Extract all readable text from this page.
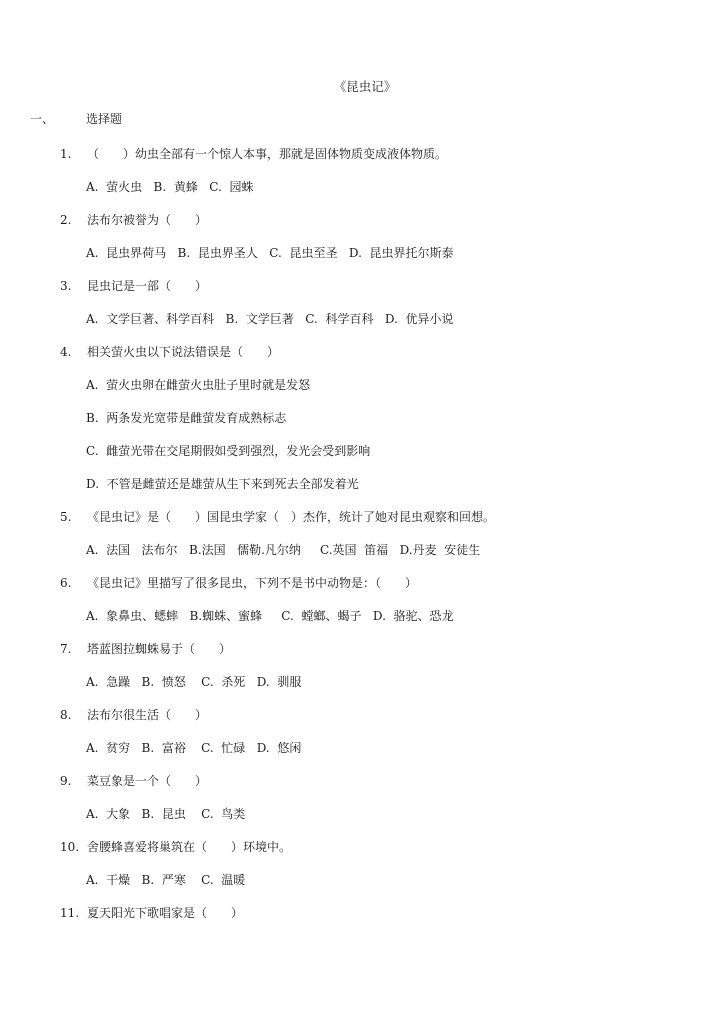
《昆虫记》
一、	选择题
1. （　　）幼虫全部有一个惊人本事，那就是固体物质变成液体物质。
A.  萤火虫   B.  黄蜂   C.  园蛛
2. 法布尔被誉为（　　）
A.  昆虫界荷马   B.  昆虫界圣人   C.  昆虫至圣   D.  昆虫界托尔斯泰
3. 昆虫记是一部（　　）
A.  文学巨著、科学百科   B.  文学巨著   C.  科学百科   D.  优异小说
4. 相关萤火虫以下说法错误是（　　）
A.  萤火虫卵在雌萤火虫肚子里时就是发怒
B.  两条发光宽带是雌萤发育成熟标志
C.  雌萤光带在交尾期假如受到强烈，发光会受到影响
D.  不管是雌萤还是雄萤从生下来到死去全部发着光
5. 《昆虫记》是（　　）国昆虫学家（　）杰作，统计了她对昆虫观察和回想。
A.  法国   法布尔   B.法国   儒勒.凡尔纳     C.英国  笛福   D.丹麦  安徒生
6. 《昆虫记》里描写了很多昆虫，下列不是书中动物是：（　　）
A.  象鼻虫、蟋蟀   B.蜘蛛、蜜蜂     C.  螳螂、蝎子   D.  骆驼、恐龙
7. 塔蓝图拉蜘蛛易于（　　）
A.  急躁   B.  愤怒    C.  杀死   D.  驯服
8. 法布尔很生活（　　）
A.  贫穷   B.  富裕    C.  忙碌   D.  悠闲
9. 菜豆象是一个（　　）
A.  大象   B.  昆虫    C.  鸟类
10. 舍腰蜂喜爱将巢筑在（　　）环境中。
A.  干燥   B.  严寒    C.  温暖
11. 夏天阳光下歌唱家是（　　）
